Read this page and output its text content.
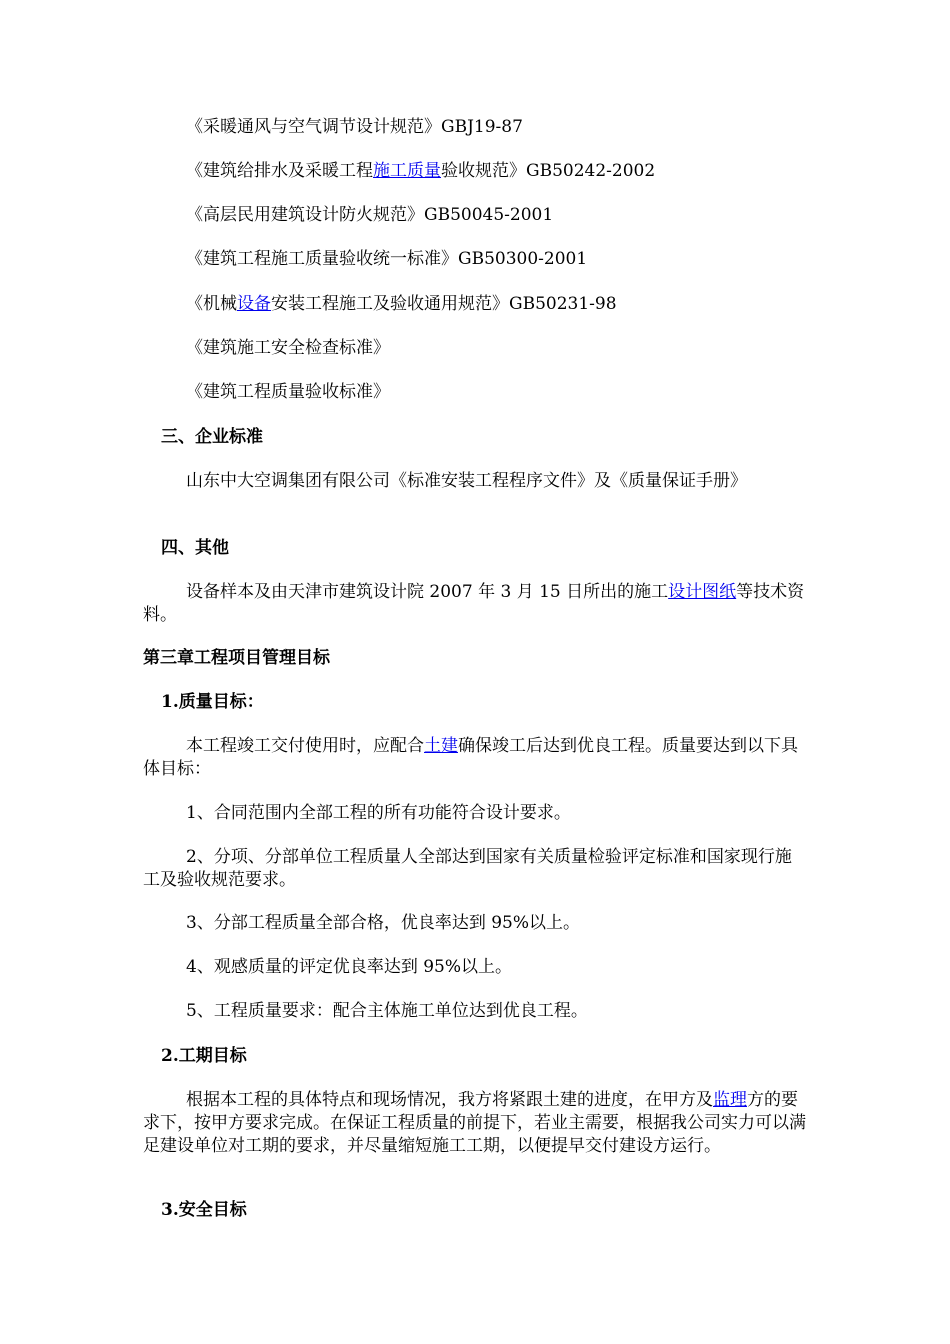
《采暖通风与空气调节设计规范》GBJ19-87
《建筑给排水及采暖工程施工质量验收规范》GB50242-2002
《高层民用建筑设计防火规范》GB50045-2001
《建筑工程施工质量验收统一标准》GB50300-2001
《机械设备安装工程施工及验收通用规范》GB50231-98
《建筑施工安全检查标准》
《建筑工程质量验收标准》
三、企业标准
山东中大空调集团有限公司《标准安装工程程序文件》及《质量保证手册》
四、其他
设备样本及由天津市建筑设计院 2007 年 3 月 15 日所出的施工设计图纸等技术资料。
第三章工程项目管理目标
1.质量目标：
本工程竣工交付使用时，应配合土建确保竣工后达到优良工程。质量要达到以下具体目标：
1、合同范围内全部工程的所有功能符合设计要求。
2、分项、分部单位工程质量人全部达到国家有关质量检验评定标准和国家现行施工及验收规范要求。
3、分部工程质量全部合格，优良率达到 95%以上。
4、观感质量的评定优良率达到 95%以上。
5、工程质量要求：配合主体施工单位达到优良工程。
2.工期目标
根据本工程的具体特点和现场情况，我方将紧跟土建的进度，在甲方及监理方的要求下，按甲方要求完成。在保证工程质量的前提下，若业主需要，根据我公司实力可以满足建设单位对工期的要求，并尽量缩短施工工期，以便提早交付建设方运行。
3.安全目标
